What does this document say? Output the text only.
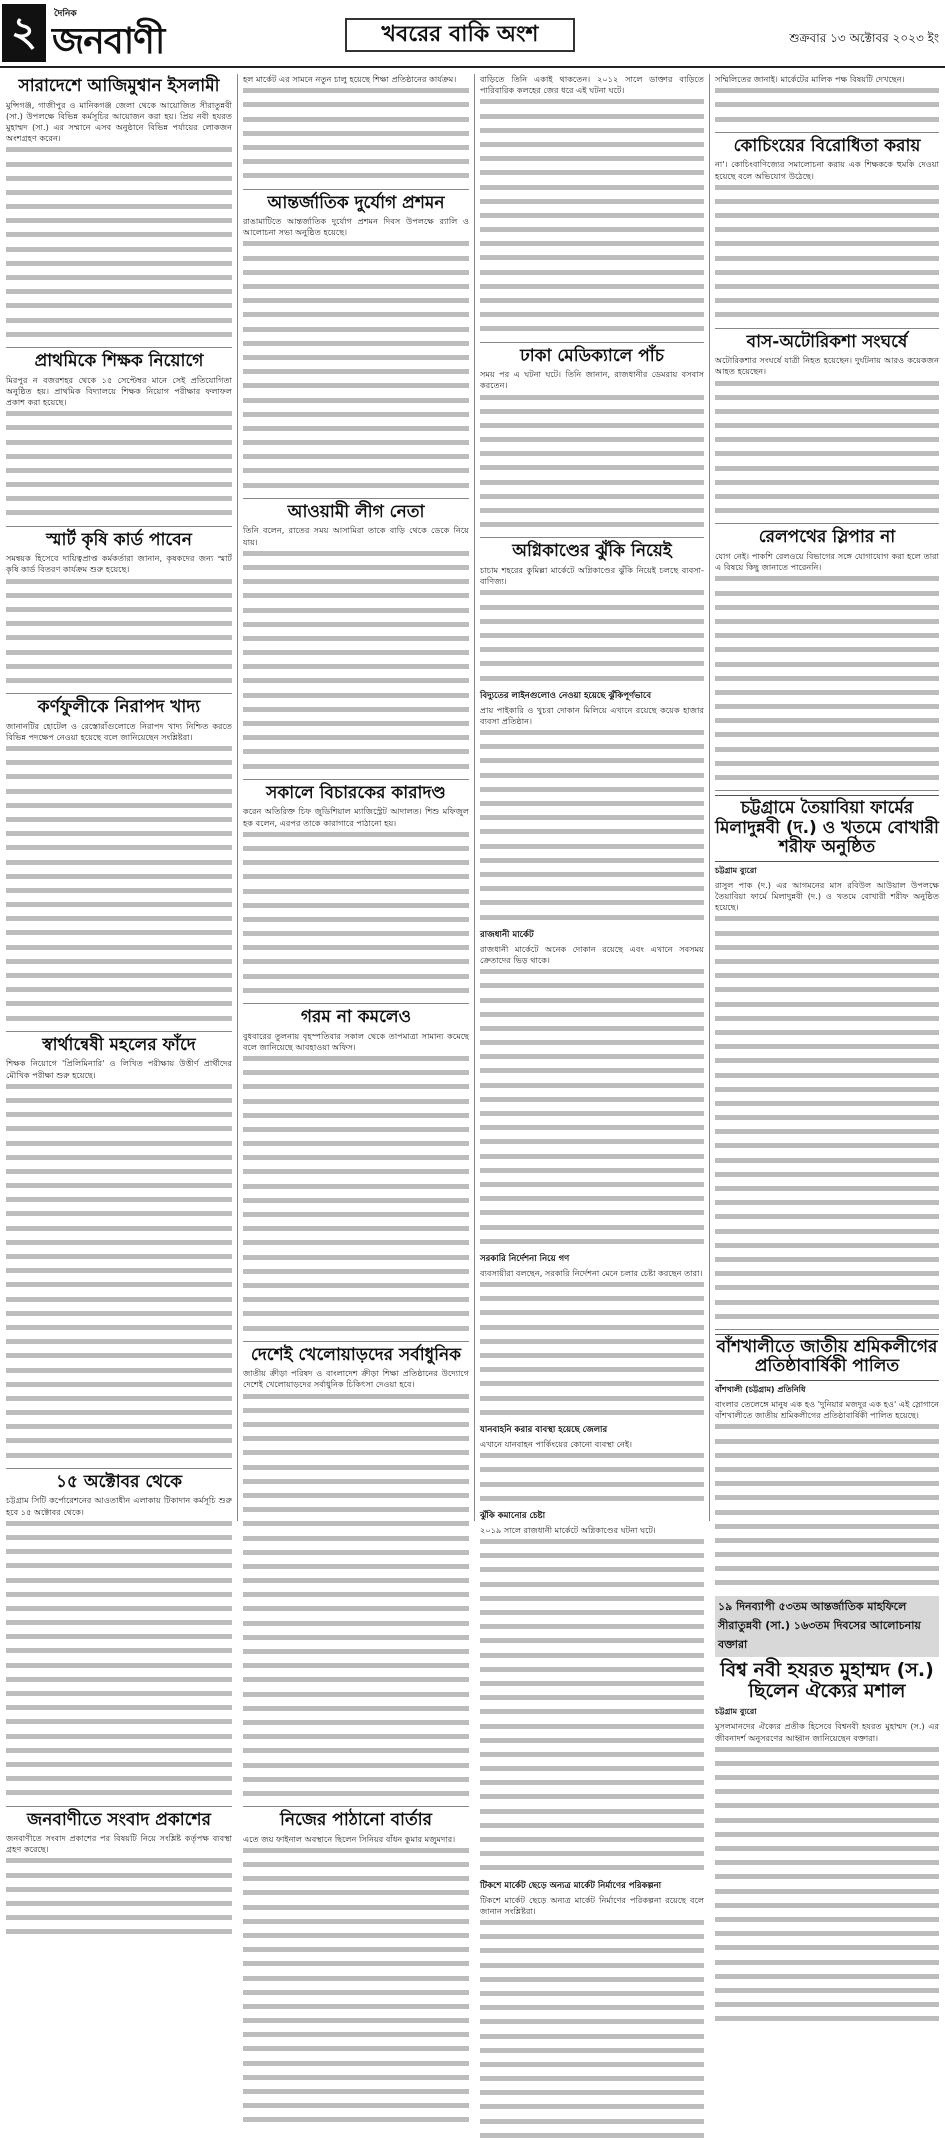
২	দৈনিক
জনবাণী	খবরের বাকি অংশ	শুক্রবার ১৩ অক্টোবর ২০২৩ ইং
সারাদেশে আজিমুশ্বান ইসলামী
মুন্সিগঞ্জ, গাজীপুর ও মানিকগঞ্জ জেলা থেকে আয়োজিত সীরাতুন্নবী (সা.) উপলক্ষে বিভিন্ন কর্মসূচির আয়োজন করা হয়। প্রিয় নবী হযরত মুহাম্মদ (সা.) এর সম্মানে এসব অনুষ্ঠানে বিভিন্ন পর্যায়ের লোকজন অংশগ্রহণ করেন।
প্রাথমিকে শিক্ষক নিয়োগে
মিরপুর ন বজরশহর থেকে ১৫ সেপ্টেম্বর মানে সেই প্রতিযোগিতা অনুষ্ঠিত হয়। প্রাথমিক বিদ্যালয়ে শিক্ষক নিয়োগ পরীক্ষার ফলাফল প্রকাশ করা হয়েছে।
স্মার্ট কৃষি কার্ড পাবেন
সমন্বয়ক হিসেবে দায়িত্বপ্রাপ্ত কর্মকর্তারা জানান, কৃষকদের জন্য স্মার্ট কৃষি কার্ড বিতরণ কার্যক্রম শুরু হয়েছে।
কর্ণফুলীকে নিরাপদ খাদ্য
জানানটির হোটেল ও রেস্তোরাঁগুলোতে নিরাপদ খাদ্য নিশ্চিত করতে বিভিন্ন পদক্ষেপ নেওয়া হয়েছে বলে জানিয়েছেন সংশ্লিষ্টরা।
স্বার্থান্বেষী মহলের ফাঁদে
শিক্ষক নিয়োগে 'প্রিলিমিনারি' ও লিখিত পরীক্ষায় উত্তীর্ণ প্রার্থীদের মৌখিক পরীক্ষা শুরু হয়েছে।
১৫ অক্টোবর থেকে
চট্টগ্রাম সিটি কর্পোরেশনের আওতাধীন এলাকায় টিকাদান কর্মসূচি শুরু হবে ১৫ অক্টোবর থেকে।
জনবাণীতে সংবাদ প্রকাশের
জনবাণীতে সংবাদ প্রকাশের পর বিষয়টি নিয়ে সংশ্লিষ্ট কর্তৃপক্ষ ব্যবস্থা গ্রহণ করেছে।
হল মার্কেট এর সামনে নতুন চালু হয়েছে শিক্ষা প্রতিষ্ঠানের কার্যক্রম।
আন্তর্জাতিক দুর্যোগ প্রশমন
রাঙামাটিতে আন্তর্জাতিক দুর্যোগ প্রশমন দিবস উপলক্ষে র‍্যালি ও আলোচনা সভা অনুষ্ঠিত হয়েছে।
আওয়ামী লীগ নেতা
তিনি বলেন, রাতের সময় আসামিরা তাকে বাড়ি থেকে ডেকে নিয়ে যায়।
সকালে বিচারকের কারাদণ্ড
করেন অতিরিক্ত চিফ জুডিশিয়াল ম্যাজিস্ট্রেট আদালত। শিশু মফিজুল হক বলেন, এরপর তাকে কারাগারে পাঠানো হয়।
গরম না কমলেও
বুধবারের তুলনায় বৃহস্পতিবার সকাল থেকে তাপমাত্রা সামান্য কমেছে বলে জানিয়েছে আবহাওয়া অফিস।
দেশেই খেলোয়াড়দের সর্বাধুনিক
জাতীয় ক্রীড়া পরিষদ ও বাংলাদেশ ক্রীড়া শিক্ষা প্রতিষ্ঠানের উদ্যোগে দেশেই খেলোয়াড়দের সর্বাধুনিক চিকিৎসা দেওয়া হবে।
নিজের পাঠানো বার্তার
এতে জয় ফাইনাল অবস্থানে ছিলেন সিনিয়র বাঁধন কুমার মজুমদার।
বাড়িতে তিনি একাই থাকতেন। ২০১২ সালে ডাক্তার বাড়িতে পারিবারিক কলহের জের ধরে এই ঘটনা ঘটে।
ঢাকা মেডিক্যালে পাঁচ
সময় পর এ ঘটনা ঘটে। তিনি জানান, রাজধানীর ডেমরায় বসবাস করতেন।
অগ্নিকাণ্ডের ঝুঁকি নিয়েই
চাচাম শহরের কুমিল্লা মার্কেটে অগ্নিকাণ্ডের ঝুঁকি নিয়েই চলছে ব্যবসা-বাণিজ্য।
বিদ্যুতের লাইনগুলোও নেওয়া হয়েছে ঝুঁকিপূর্ণভাবে
প্রায় পাইকারি ও খুচরা দোকান মিলিয়ে এখানে রয়েছে কয়েক হাজার ব্যবসা প্রতিষ্ঠান।
রাজধানী মার্কেট
রাজধানী মার্কেটে অনেক দোকান রয়েছে এবং এখানে সবসময় ক্রেতাদের ভিড় থাকে।
সরকারি নির্দেশনা নিয়ে গণ
ব্যবসায়ীরা বলছেন, সরকারি নির্দেশনা মেনে চলার চেষ্টা করছেন তারা।
যানবাহনি করার বাবস্থা হয়েছে জেলার
এখানে যানবাহন পার্কিংয়ের কোনো ব্যবস্থা নেই।
ঝুঁকি কমানোর চেষ্টা
২০১৯ সালে রাজধানী মার্কেটে অগ্নিকাণ্ডের ঘটনা ঘটে।
টিকশে মার্কেট ছেড়ে অন্যত্র মার্কেট নির্মাণের পরিকল্পনা
টিকশে মার্কেট ছেড়ে অন্যত্র মার্কেট নির্মাণের পরিকল্পনা রয়েছে বলে জানান সংশ্লিষ্টরা।
সম্মিলিতের জানাই। মার্কেটের মালিক পক্ষ বিষয়টি দেখছেন।
কোচিংয়ের বিরোধিতা করায়
না'। কোচিংবাণিজ্যের সমালোচনা করায় এক শিক্ষককে হুমকি দেওয়া হয়েছে বলে অভিযোগ উঠেছে।
বাস-অটোরিকশা সংঘর্ষে
অটোরিকশার সংঘর্ষে যাত্রী নিহত হয়েছেন। দুর্ঘটনায় আরও কয়েকজন আহত হয়েছেন।
রেলপথের স্লিপার না
যোগ নেই। পাকশি রেলওয়ে বিভাগের সঙ্গে যোগাযোগ করা হলে তারা এ বিষয়ে কিছু জানাতে পারেননি।
চট্টগ্রামে তৈয়াবিয়া ফার্মের মিলাদুন্নবী (দ.) ও খতমে বোখারী শরীফ অনুষ্ঠিত
চট্টগ্রাম ব্যুরো
রাসুল পাক (দ.) এর আগমনের মাস রবিউল আউয়াল উপলক্ষে তৈয়াবিয়া ফার্মে মিলাদুন্নবী (দ.) ও খতমে বোখারী শরীফ অনুষ্ঠিত হয়েছে।
বাঁশখালীতে জাতীয় শ্রমিকলীগের প্রতিষ্ঠাবার্ষিকী পালিত
বাঁশখালী (চট্টগ্রাম) প্রতিনিধি
বাংলার তেলেঙ্গে মানুষ এক হও 'দুনিয়ার মজদুর এক হও' এই স্লোগানে বাঁশখালীতে জাতীয় শ্রমিকলীগের প্রতিষ্ঠাবার্ষিকী পালিত হয়েছে।
১৯ দিনব্যাপী ৫৩তম আন্তর্জাতিক মাহফিলে সীরাতুন্নবী (সা.) ১৬৩তম দিবসের আলোচনায় বক্তারা
বিশ্ব নবী হযরত মুহাম্মদ (স.) ছিলেন ঐক্যের মশাল
চট্টগ্রাম ব্যুরো
মুসলমানদের ঐক্যের প্রতীক হিসেবে বিশ্বনবী হযরত মুহাম্মদ (স.) এর জীবনাদর্শ অনুসরণের আহ্বান জানিয়েছেন বক্তারা।
